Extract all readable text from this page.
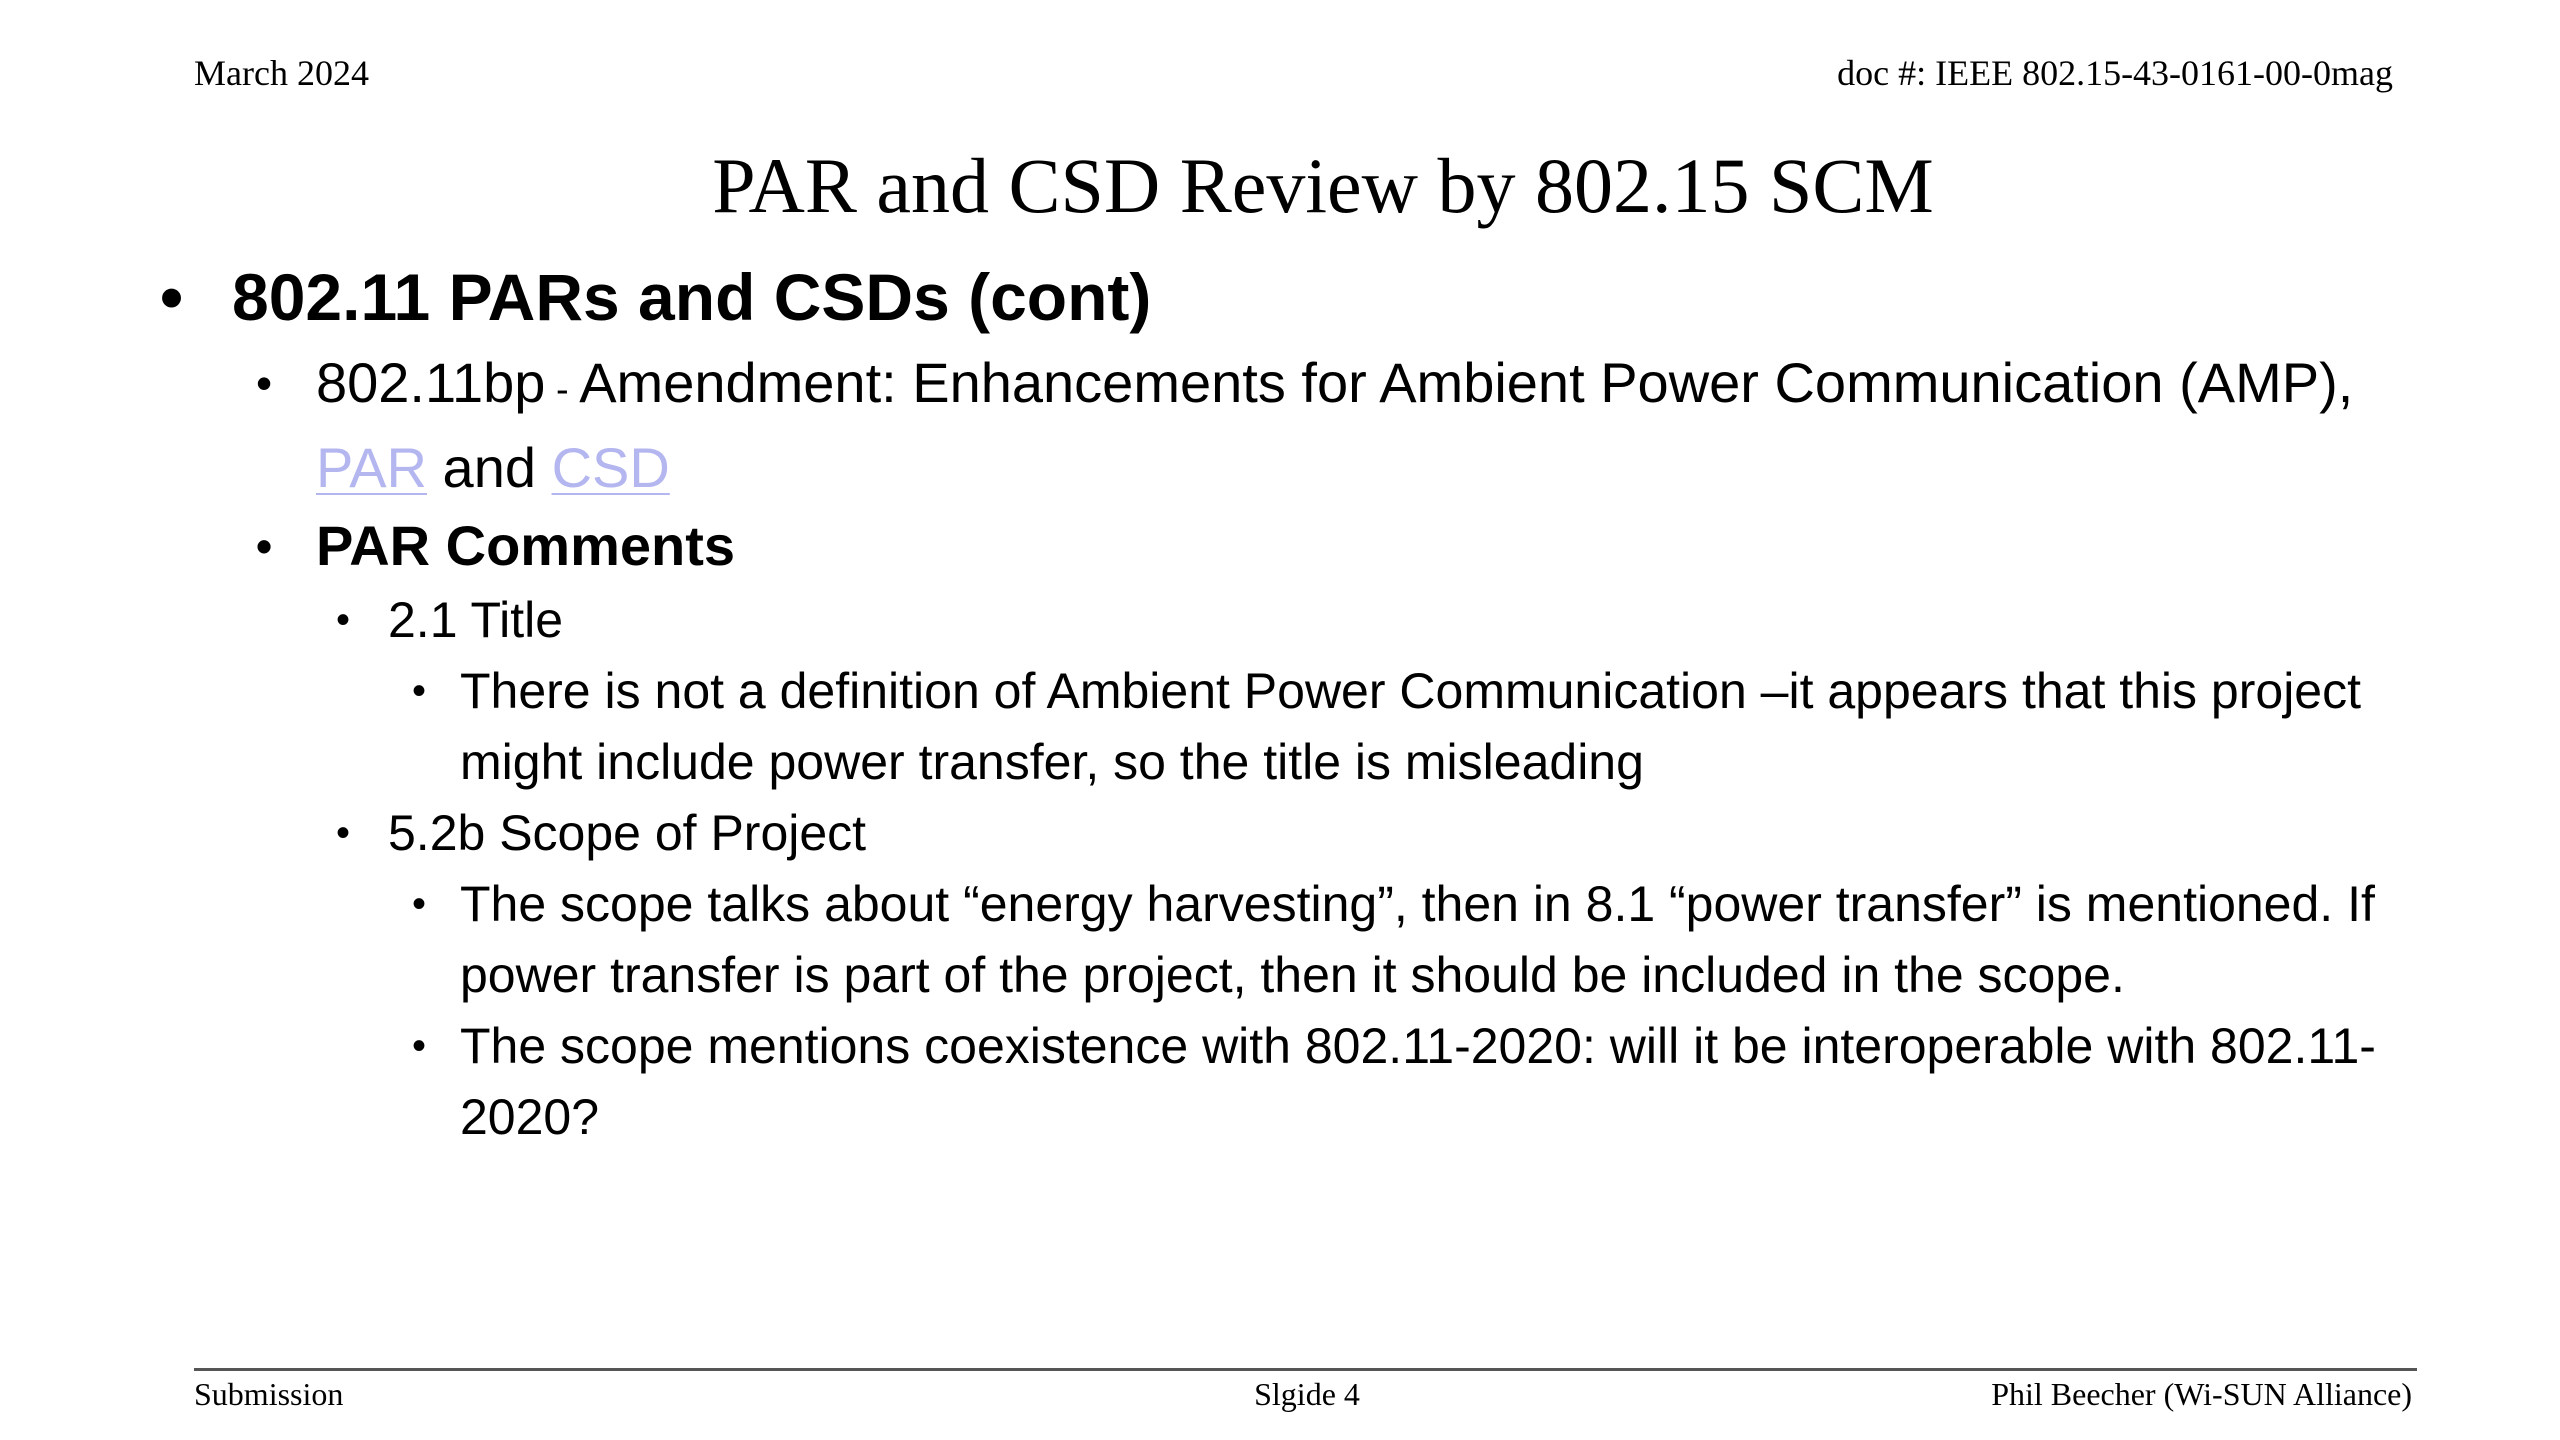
March 2024	doc #: IEEE 802.15-43-0161-00-0mag
PAR and CSD Review by 802.15 SCM
• 802.11 PARs and CSDs (cont)
• 802.11bp - Amendment: Enhancements for Ambient Power Communication (AMP), PAR and CSD
• PAR Comments
• 2.1 Title
• There is not a definition of Ambient Power Communication –it appears that this project might include power transfer, so the title is misleading
• 5.2b Scope of Project
• The scope talks about “energy harvesting”, then in 8.1 “power transfer” is mentioned. If power transfer is part of the project, then it should be included in the scope.
• The scope mentions coexistence with 802.11-2020: will it be interoperable with 802.11-2020?
Submission	Slgide 4	Phil Beecher (Wi-SUN Alliance)
